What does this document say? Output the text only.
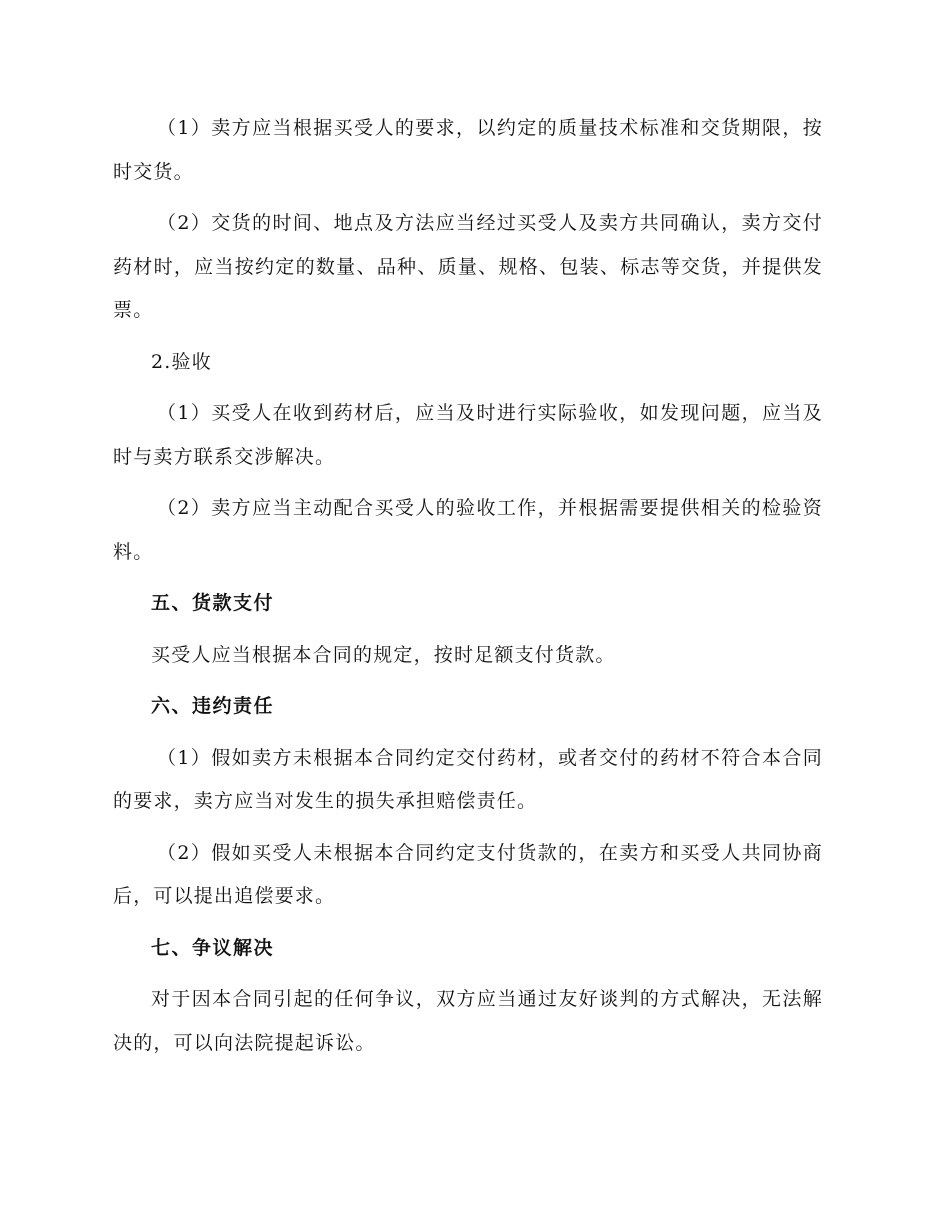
（1）卖方应当根据买受人的要求，以约定的质量技术标准和交货期限，按时交货。

（2）交货的时间、地点及方法应当经过买受人及卖方共同确认，卖方交付药材时，应当按约定的数量、品种、质量、规格、包装、标志等交货，并提供发票。

2.验收

（1）买受人在收到药材后，应当及时进行实际验收，如发现问题，应当及时与卖方联系交涉解决。

（2）卖方应当主动配合买受人的验收工作，并根据需要提供相关的检验资料。

五、货款支付

买受人应当根据本合同的规定，按时足额支付货款。

六、违约责任

（1）假如卖方未根据本合同约定交付药材，或者交付的药材不符合本合同的要求，卖方应当对发生的损失承担赔偿责任。

（2）假如买受人未根据本合同约定支付货款的，在卖方和买受人共同协商后，可以提出追偿要求。

七、争议解决

对于因本合同引起的任何争议，双方应当通过友好谈判的方式解决，无法解决的，可以向法院提起诉讼。
